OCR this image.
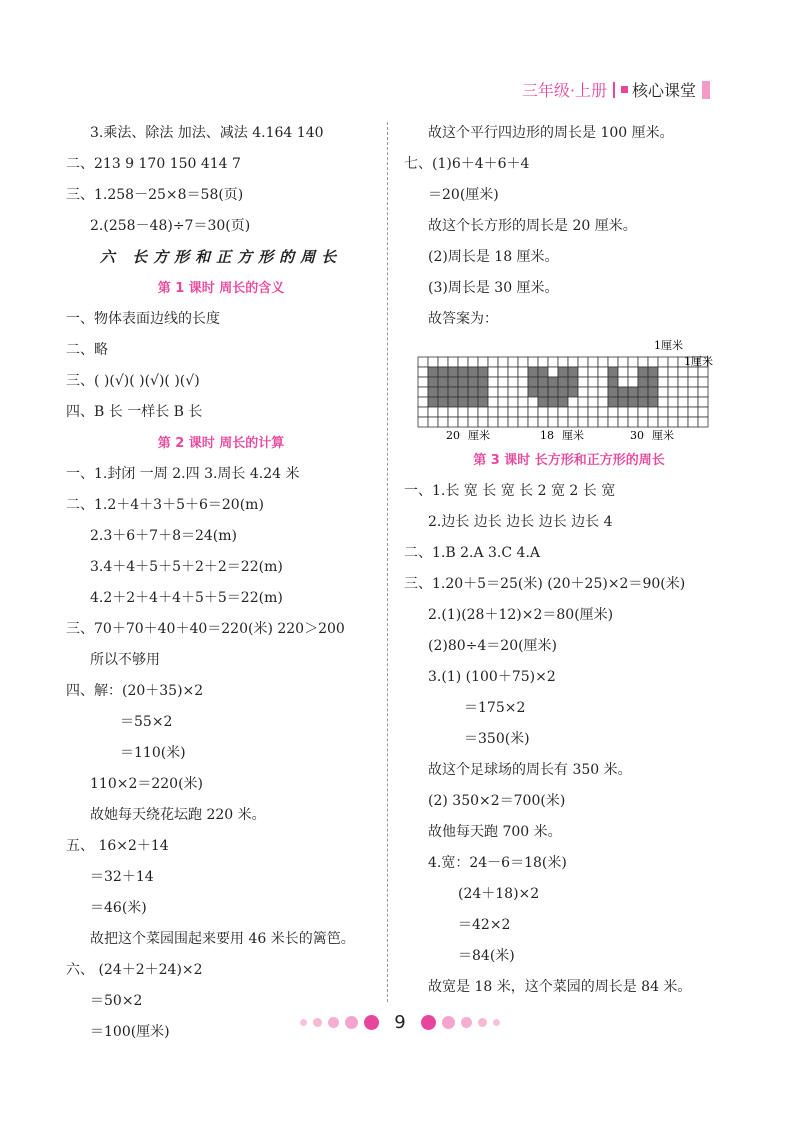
三年级·上册 核心课堂
3.乘法、除法 加法、减法 4.164 140
二、213 9 170 150 414 7
三、1.258－25×8＝58(页)
2.(258－48)÷7＝30(页)
六 长方形和正方形的周长
第 1 课时 周长的含义
一、物体表面边线的长度
二、略
三、( )(√)( )(√)( )(√)
四、B 长 一样长 B 长
第 2 课时 周长的计算
一、1.封闭 一周 2.四 3.周长 4.24 米
二、1.2＋4＋3＋5＋6＝20(m)
2.3＋6＋7＋8＝24(m)
3.4＋4＋5＋5＋2＋2＝22(m)
4.2＋2＋4＋4＋5＋5＝22(m)
三、70＋70＋40＋40＝220(米) 220＞200
所以不够用
四、解：(20＋35)×2
＝55×2
＝110(米)
110×2＝220(米)
故她每天绕花坛跑 220 米。
五、 16×2＋14
＝32＋14
＝46(米)
故把这个菜园围起来要用 46 米长的篱笆。
六、 (24＋2＋24)×2
＝50×2
＝100(厘米)
故这个平行四边形的周长是 100 厘米。
七、(1)6＋4＋6＋4
＝20(厘米)
故这个长方形的周长是 20 厘米。
(2)周长是 18 厘米。
(3)周长是 30 厘米。
故答案为：
1厘米
1厘米
20 厘米	18 厘米	30 厘米
第 3 课时 长方形和正方形的周长
一、1.长 宽 长 宽 长 2 宽 2 长 宽
2.边长 边长 边长 边长 边长 4
二、1.B 2.A 3.C 4.A
三、1.20＋5＝25(米) (20＋25)×2＝90(米)
2.(1)(28＋12)×2＝80(厘米)
(2)80÷4＝20(厘米)
3.(1) (100＋75)×2
＝175×2
＝350(米)
故这个足球场的周长有 350 米。
(2) 350×2＝700(米)
故他每天跑 700 米。
4.宽：24－6＝18(米)
(24＋18)×2
＝42×2
＝84(米)
故宽是 18 米，这个菜园的周长是 84 米。
9
